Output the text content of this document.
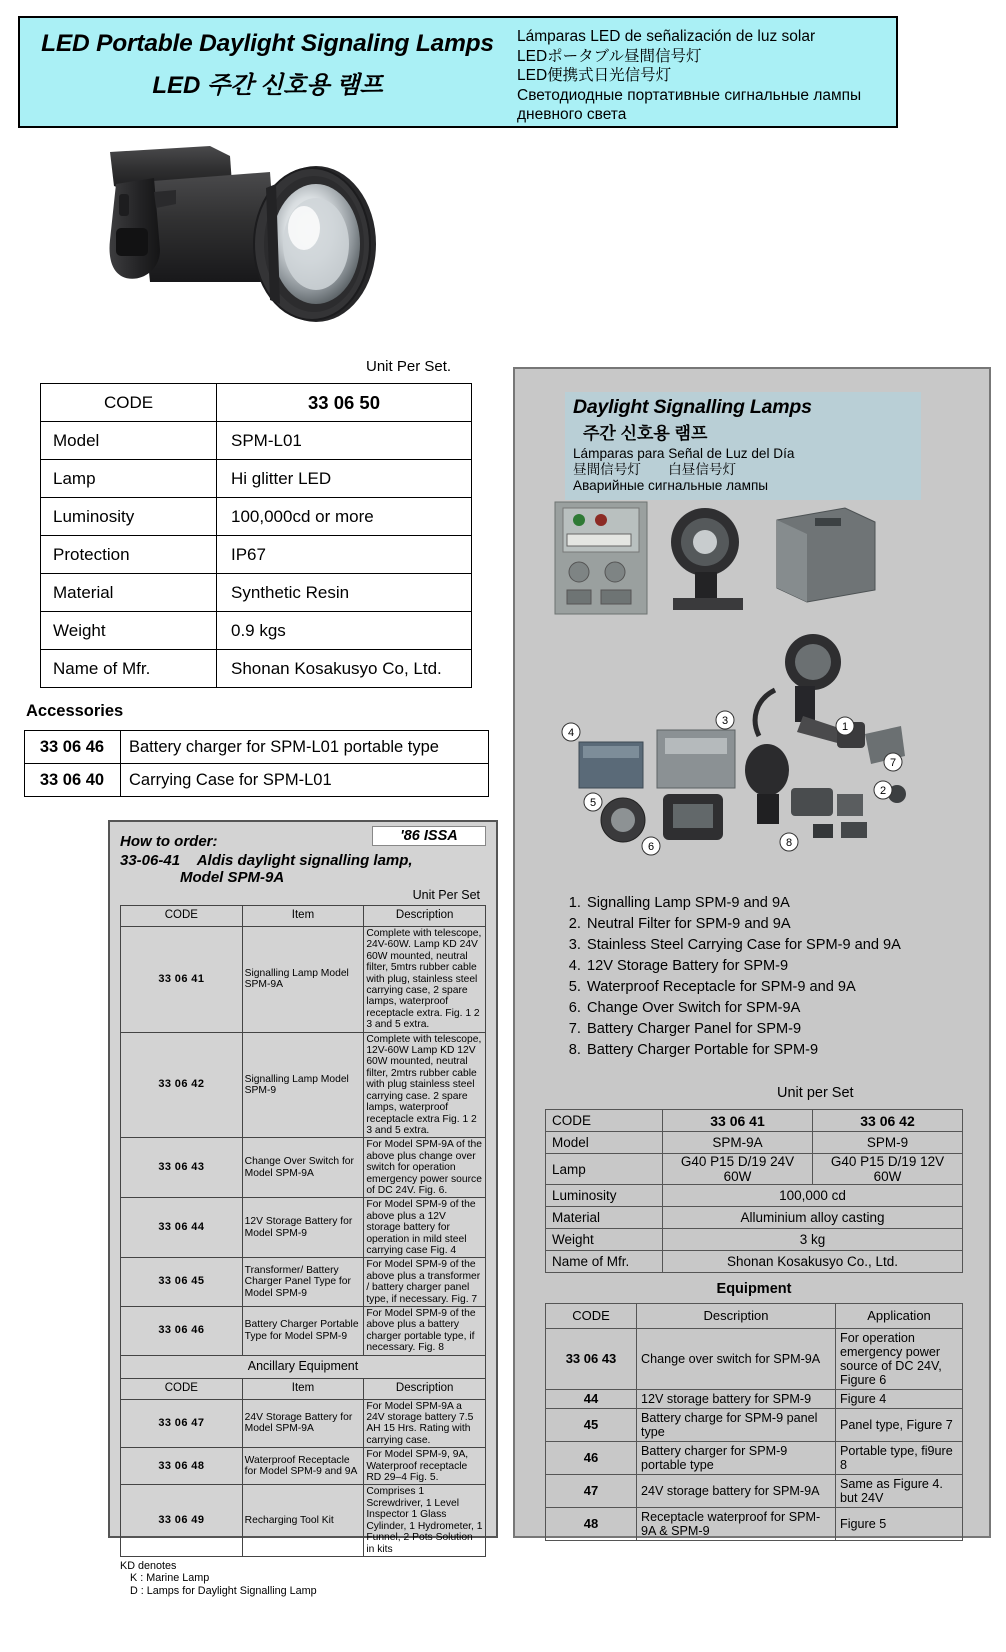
LED Portable Daylight Signaling Lamps
LED 주간 신호용 램프
Lámparas LED de señalización de luz solar
LEDポータブル昼間信号灯
LED便携式日光信号灯
Светодиодные портативные сигнальные лампы дневного света
Unit Per Set.
CODE	33 06 50
Model	SPM-L01
Lamp	Hi glitter LED
Luminosity	100,000cd or more
Protection	IP67
Material	Synthetic Resin
Weight	0.9 kgs
Name of Mfr.	Shonan Kosakusyo Co, Ltd.
Accessories
33 06 46	Battery charger for SPM-L01 portable type
33 06 40	Carrying Case for SPM-L01
'86 ISSA
How to order:
33-06-41 Aldis daylight signalling lamp,
Model SPM-9A
Unit Per Set
CODE	Item	Description
33 06 41	Signalling Lamp Model SPM-9A	Complete with telescope, 24V-60W. Lamp KD 24V 60W mounted, neutral filter, 5mtrs rubber cable with plug, stainless steel carrying case, 2 spare lamps, waterproof receptacle extra. Fig. 1 2 3 and 5 extra.
33 06 42	Signalling Lamp Model SPM-9	Complete with telescope, 12V-60W Lamp KD 12V 60W mounted, neutral filter, 2mtrs rubber cable with plug stainless steel carrying case. 2 spare lamps, waterproof receptacle extra Fig. 1 2 3 and 5 extra.
33 06 43	Change Over Switch for Model SPM-9A	For Model SPM-9A of the above plus change over switch for operation emergency power source of DC 24V. Fig. 6.
33 06 44	12V Storage Battery for Model SPM-9	For Model SPM-9 of the above plus a 12V storage battery for operation in mild steel carrying case Fig. 4
33 06 45	Transformer/ Battery Charger Panel Type for Model SPM-9	For Model SPM-9 of the above plus a transformer / battery charger panel type, if necessary. Fig. 7
33 06 46	Battery Charger Portable Type for Model SPM-9	For Model SPM-9 of the above plus a battery charger portable type, if necessary. Fig. 8
Ancillary Equipment		
CODE	Item	Description
33 06 47	24V Storage Battery for Model SPM-9A	For Model SPM-9A a 24V storage battery 7.5 AH 15 Hrs. Rating with carrying case.
33 06 48	Waterproof Receptacle for Model SPM-9 and 9A	For Model SPM-9, 9A, Waterproof receptacle RD 29–4 Fig. 5.
33 06 49	Recharging Tool Kit	Comprises 1 Screwdriver, 1 Level Inspector 1 Glass Cylinder, 1 Hydrometer, 1 Funnel, 2 Pots Solution in kits
KD denotes
K : Marine Lamp
D : Lamps for Daylight Signalling Lamp
Daylight Signalling Lamps 주간 신호용 램프
Lámparas para Señal de Luz del Día
昼間信号灯　　白昼信号灯
Аварийные сигнальные лампы
4
3	1
7
2
5
6	8
1. Signalling Lamp SPM-9 and 9A
2. Neutral Filter for SPM-9 and 9A
3. Stainless Steel Carrying Case for SPM-9 and 9A
4. 12V Storage Battery for SPM-9
5. Waterproof Receptacle for SPM-9 and 9A
6. Change Over Switch for SPM-9A
7. Battery Charger Panel for SPM-9
8. Battery Charger Portable for SPM-9
Unit per Set
CODE	33 06 41	33 06 42
Model	SPM-9A	SPM-9
Lamp	G40 P15 D/19 24V 60W	G40 P15 D/19 12V 60W
Luminosity	100,000 cd	
Material	Alluminium alloy casting	
Weight	3 kg	
Name of Mfr.	Shonan Kosakusyo Co., Ltd.	
Equipment
CODE	Description	Application
33 06 43	Change over switch for SPM-9A	For operation emergency power source of DC 24V, Figure 6
44	12V storage battery for SPM-9	Figure 4
45	Battery charge for SPM-9 panel type	Panel type, Figure 7
46	Battery charger for SPM-9 portable type	Portable type, fi9ure 8
47	24V storage battery for SPM-9A	Same as Figure 4. but 24V
48	Receptacle waterproof for SPM-9A & SPM-9	Figure 5
